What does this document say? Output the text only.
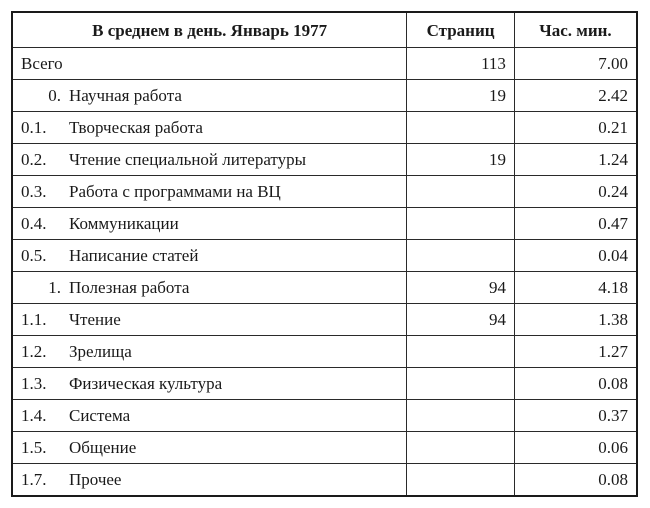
В среднем в день. Январь 1977	Страниц	Час. мин.
Всего	113	7.00
0. Научная работа	19	2.42
0.1. Творческая работа		0.21
0.2. Чтение специальной литературы	19	1.24
0.3. Работа с программами на ВЦ		0.24
0.4. Коммуникации		0.47
0.5. Написание статей		0.04
1. Полезная работа	94	4.18
1.1. Чтение	94	1.38
1.2. Зрелища		1.27
1.3. Физическая культура		0.08
1.4. Система		0.37
1.5. Общение		0.06
1.7. Прочее		0.08
